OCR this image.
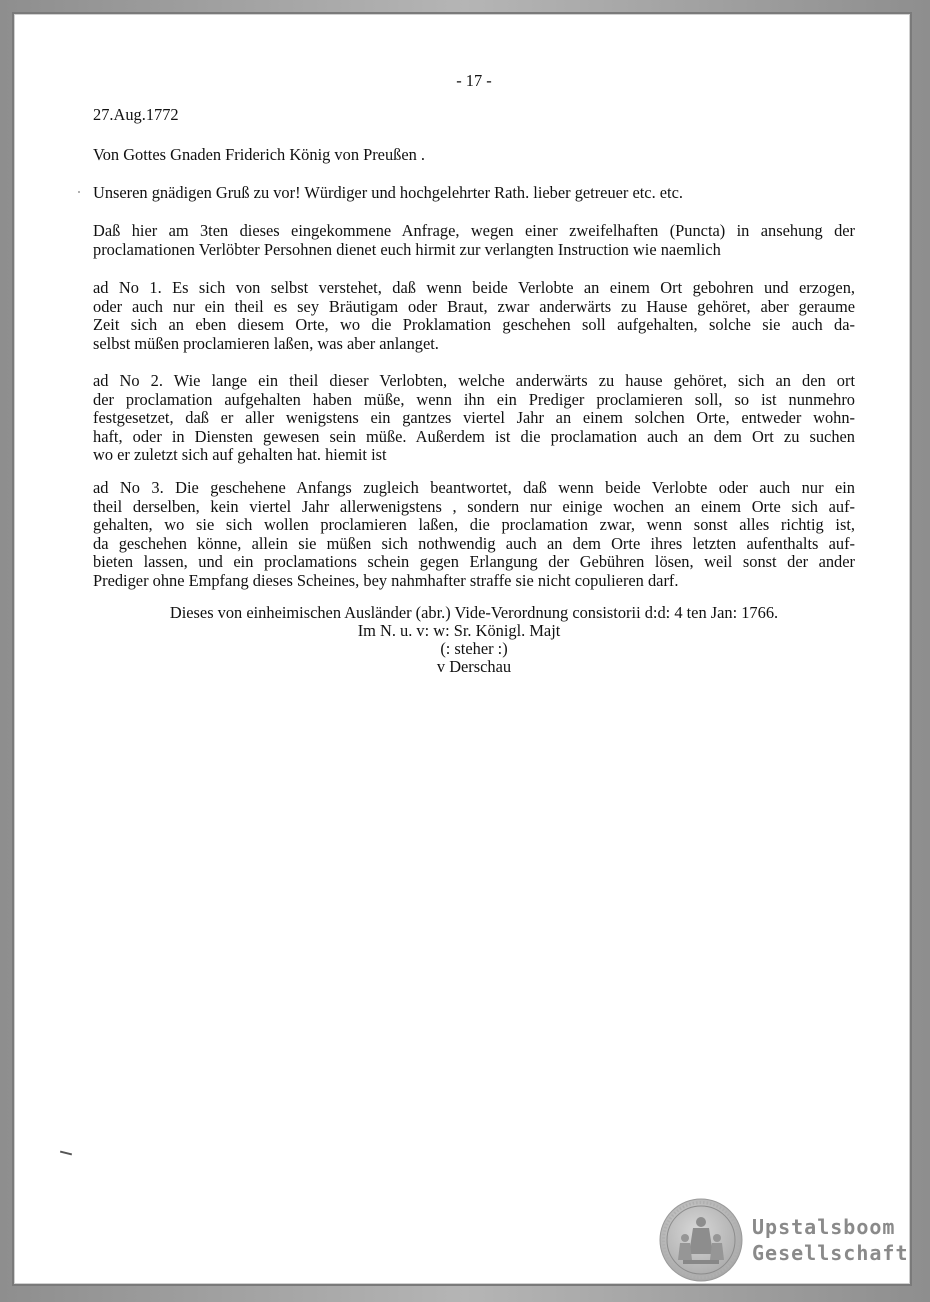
- 17 -
27.Aug.1772
Von Gottes Gnaden Friderich König von Preußen .
Unseren gnädigen Gruß zu vor! Würdiger und hochgelehrter Rath. lieber getreuer etc. etc.
Daß hier am 3ten dieses eingekommene Anfrage, wegen einer zweifelhaften (Puncta) in ansehung der
proclamationen Verlöbter Persohnen dienet euch hirmit zur verlangten Instruction wie naemlich
ad No 1. Es sich von selbst verstehet, daß wenn beide Verlobte an einem Ort gebohren und erzogen,
oder auch nur ein theil es sey Bräutigam oder Braut, zwar anderwärts zu Hause gehöret, aber geraume
Zeit sich an eben diesem Orte, wo die Proklamation geschehen soll aufgehalten, solche sie auch da-
selbst müßen proclamieren laßen, was aber anlanget.
ad No 2. Wie lange ein theil dieser Verlobten, welche anderwärts zu hause gehöret, sich an den ort
der proclamation aufgehalten haben müße, wenn ihn ein Prediger proclamieren soll, so ist nunmehro
festgesetzet, daß er aller wenigstens ein gantzes viertel Jahr an einem solchen Orte, entweder wohn-
haft, oder in Diensten gewesen sein müße. Außerdem ist die proclamation auch an dem Ort zu suchen
wo er zuletzt sich auf gehalten hat. hiemit ist
ad No 3. Die geschehene Anfangs zugleich beantwortet, daß wenn beide Verlobte oder auch nur ein
theil derselben, kein viertel Jahr allerwenigstens , sondern nur einige wochen an einem Orte sich auf-
gehalten, wo sie sich wollen proclamieren laßen, die proclamation zwar, wenn sonst alles richtig ist,
da geschehen könne, allein sie müßen sich nothwendig auch an dem Orte ihres letzten aufenthalts auf-
bieten lassen, und ein proclamations schein gegen Erlangung der Gebühren lösen, weil sonst der ander
Prediger ohne Empfang dieses Scheines, bey nahmhafter straffe sie nicht copulieren darf.
Dieses von einheimischen Ausländer (abr.) Vide-Verordnung consistorii d:d: 4 ten Jan: 1766.
Im N. u. v: w: Sr. Königl. Majt
(: steher :)
v Derschau
Upstalsboom
Gesellschaft
